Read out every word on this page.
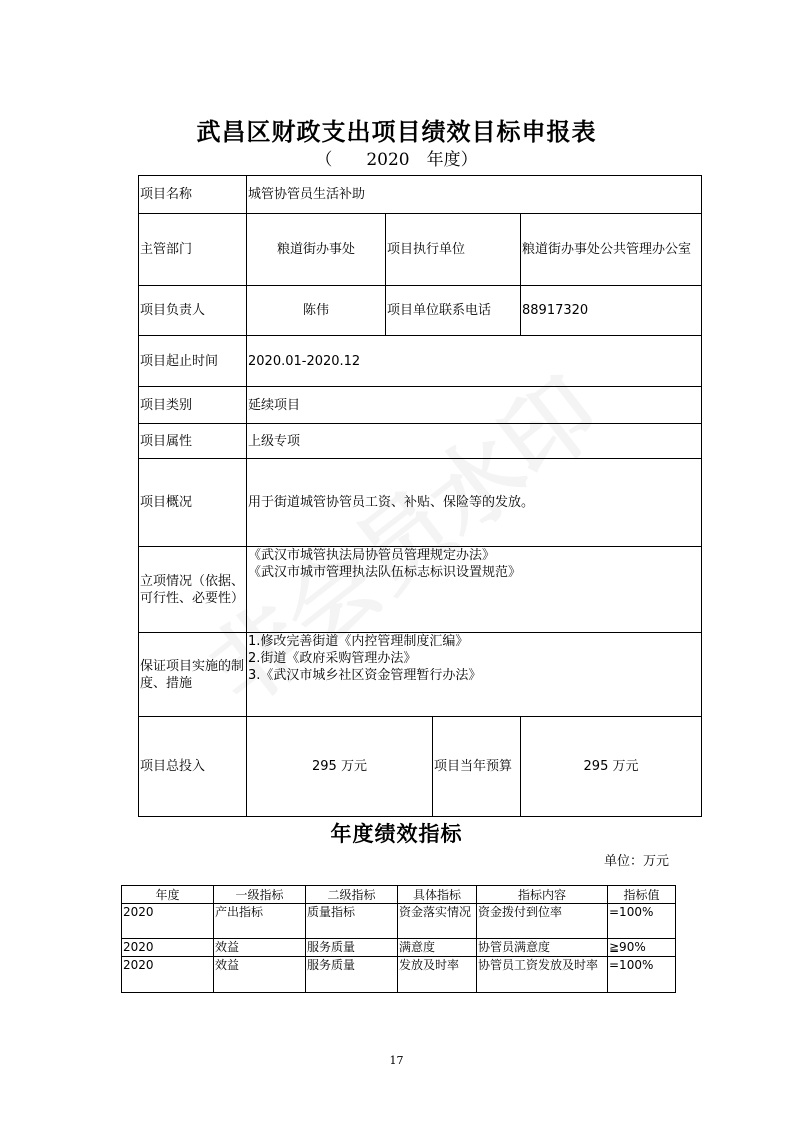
武昌区财政支出项目绩效目标申报表
（　　2020　年度）
项目名称	城管协管员生活补助			
主管部门	粮道街办事处	项目执行单位		粮道街办事处公共管理办公室
项目负责人	陈伟	项目单位联系电话		88917320
项目起止时间	2020.01-2020.12			
项目类别	延续项目			
项目属性	上级专项			
项目概况	用于街道城管协管员工资、补贴、保险等的发放。			
立项情况（依据、可行性、必要性）	《武汉市城管执法局协管员管理规定办法》
《武汉市城市管理执法队伍标志标识设置规范》			

保证项目实施的制度、措施	1.修改完善街道《内控管理制度汇编》
2.街道《政府采购管理办法》
3.《武汉市城乡社区资金管理暂行办法》			

项目总投入	295 万元		项目当年预算	295 万元
年度绩效指标
单位：万元
年度	一级指标	二级指标	具体指标	指标内容	指标值
2020	产出指标	质量指标	资金落实情况	资金拨付到位率	=100%
2020	效益	服务质量	满意度	协管员满意度	≧90%
2020	效益	服务质量	发放及时率	协管员工资发放及时率	=100%
17
